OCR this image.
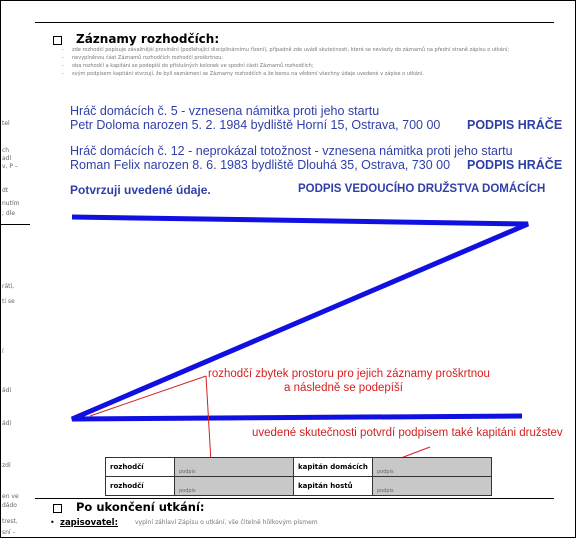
tel
ch
adl
v, P –
dt
nutím
; dle
rátí,
ti se
í
ádí
ádí
zdí
en ve
dádo
trest,
sní –
Záznamy rozhodčích:
- zde rozhodčí popisuje závažnější provinění (podléhající disciplinárnímu řízení), případně zde uvádí skutečnosti, které se nevlezly do záznamů na přední straně zápisu o utkání;
- nevyplněnou část Záznamů rozhodčích rozhodčí proškrtnou;
- oba rozhodčí a kapitáni se podepíší do příslušných kolonek ve spodní části Záznamů rozhodčích;
- svým podpisem kapitáni stvrzují, že byli seznámeni se Záznamy rozhodčích a že berou na vědomí všechny údaje uvedené v zápise o utkání.
Hráč domácích č. 5 - vznesena námitka proti jeho startu
Petr Doloma narozen 5. 2. 1984 bydliště Horní 15, Ostrava, 700 00 PODPIS HRÁČE
Hráč domácích č. 12 - neprokázal totožnost - vznesena námitka proti jeho startu
Roman Felix narozen 8. 6. 1983 bydliště Dlouhá 35, Ostrava, 730 00 PODPIS HRÁČE
Potvrzuji uvedené údaje.	PODPIS VEDOUCÍHO DRUŽSTVA DOMÁCÍCH
rozhodčí zbytek prostoru pro jejich záznamy proškrtnou
a následně se podepíší
uvedené skutečnosti potvrdí podpisem také kapitáni družstev
rozhodčí	podpis	kapitán domácích	podpis
rozhodčí	podpis	kapitán hostů	podpis
Po ukončení utkání:
• zapisovatel:	vyplní záhlaví Zápisu o utkání, vše čitelně hůlkovým písmem
